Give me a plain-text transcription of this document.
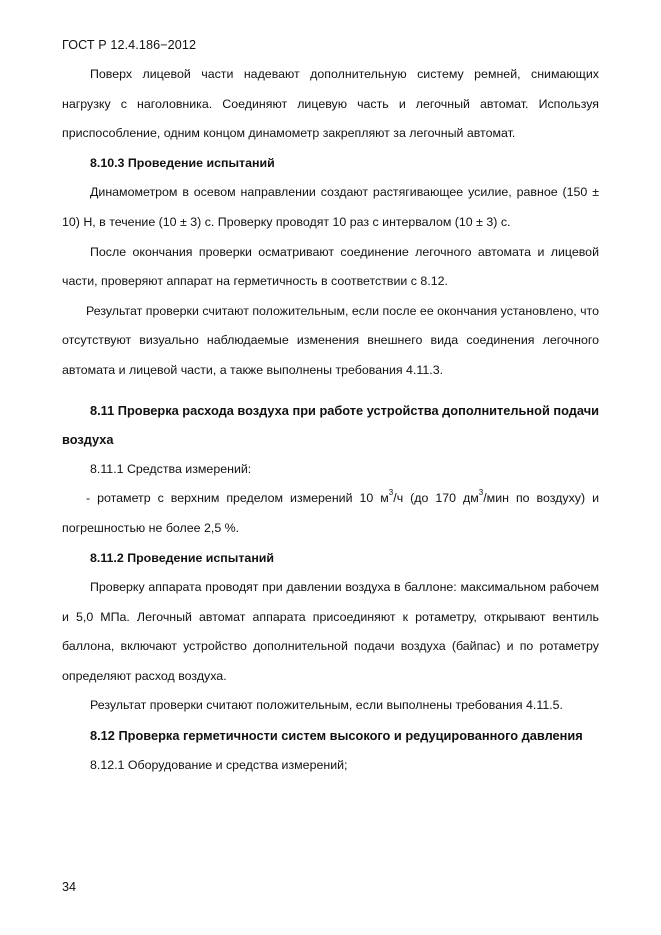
ГОСТ Р 12.4.186−2012

Поверх лицевой части надевают дополнительную систему ремней, снимающих нагрузку с наголовника. Соединяют лицевую часть и легочный автомат. Используя приспособление, одним концом динамометр закрепляют за легочный автомат.

8.10.3 Проведение испытаний

Динамометром в осевом направлении создают растягивающее усилие, равное (150 ± 10) Н, в течение (10 ± 3) с. Проверку проводят 10 раз с интервалом (10 ± 3) с.

После окончания проверки осматривают соединение легочного автомата и лицевой части, проверяют аппарат на герметичность в соответствии с 8.12.

Результат проверки считают положительным, если после ее окончания установлено, что отсутствуют визуально наблюдаемые изменения внешнего вида соединения легочного автомата и лицевой части, а также выполнены требования 4.11.3.

8.11 Проверка расхода воздуха при работе устройства дополнительной подачи воздуха

8.11.1 Средства измерений:

- ротаметр с верхним пределом измерений 10 $м^3/ч$ (до 170 $дм^3$/мин по воздуху) и погрешностью не более 2,5 %.

8.11.2 Проведение испытаний

Проверку аппарата проводят при давлении воздуха в баллоне: максимальном рабочем и 5,0 МПа. Легочный автомат аппарата присоединяют к ротаметру, открывают вентиль баллона, включают устройство дополнительной подачи воздуха (байпас) и по ротаметру определяют расход воздуха.

Результат проверки считают положительным, если выполнены требования 4.11.5.

8.12 Проверка герметичности систем высокого и редуцированного давления

8.12.1 Оборудование и средства измерений;

34
